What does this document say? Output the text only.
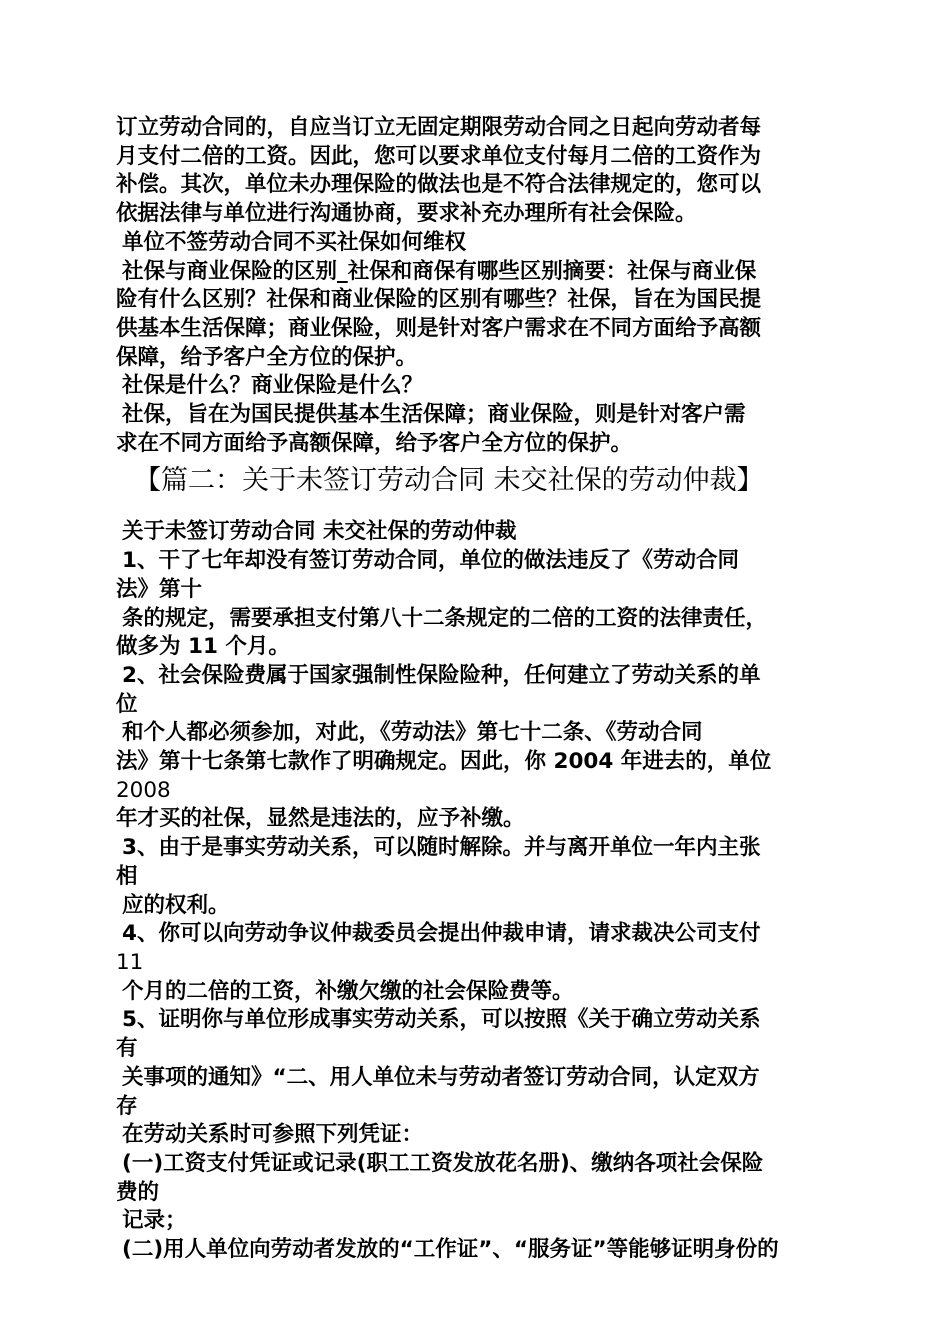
订立劳动合同的，自应当订立无固定期限劳动合同之日起向劳动者每
月支付二倍的工资。因此，您可以要求单位支付每月二倍的工资作为
补偿。其次，单位未办理保险的做法也是不符合法律规定的，您可以
依据法律与单位进行沟通协商，要求补充办理所有社会保险。
单位不签劳动合同不买社保如何维权
社保与商业保险的区别_社保和商保有哪些区别摘要：社保与商业保
险有什么区别？社保和商业保险的区别有哪些？社保，旨在为国民提
供基本生活保障；商业保险，则是针对客户需求在不同方面给予高额
保障，给予客户全方位的保护。
社保是什么？商业保险是什么？
社保，旨在为国民提供基本生活保障；商业保险，则是针对客户需
求在不同方面给予高额保障，给予客户全方位的保护。
【篇二：关于未签订劳动合同 未交社保的劳动仲裁】
关于未签订劳动合同 未交社保的劳动仲裁
1、干了七年却没有签订劳动合同，单位的做法违反了《劳动合同
法》第十
条的规定，需要承担支付第八十二条规定的二倍的工资的法律责任，
做多为 11 个月。
2、社会保险费属于国家强制性保险险种，任何建立了劳动关系的单
位
和个人都必须参加，对此，《劳动法》第七十二条、《劳动合同
法》第十七条第七款作了明确规定。因此，你 2004 年进去的，单位
2008
年才买的社保，显然是违法的，应予补缴。
3、由于是事实劳动关系，可以随时解除。并与离开单位一年内主张
相
应的权利。
4、你可以向劳动争议仲裁委员会提出仲裁申请，请求裁决公司支付
11
个月的二倍的工资，补缴欠缴的社会保险费等。
5、证明你与单位形成事实劳动关系，可以按照《关于确立劳动关系
有
关事项的通知》“二、用人单位未与劳动者签订劳动合同，认定双方
存
在劳动关系时可参照下列凭证：
(一)工资支付凭证或记录(职工工资发放花名册)、缴纳各项社会保险
费的
记录；
(二)用人单位向劳动者发放的“工作证”、“服务证”等能够证明身份的
